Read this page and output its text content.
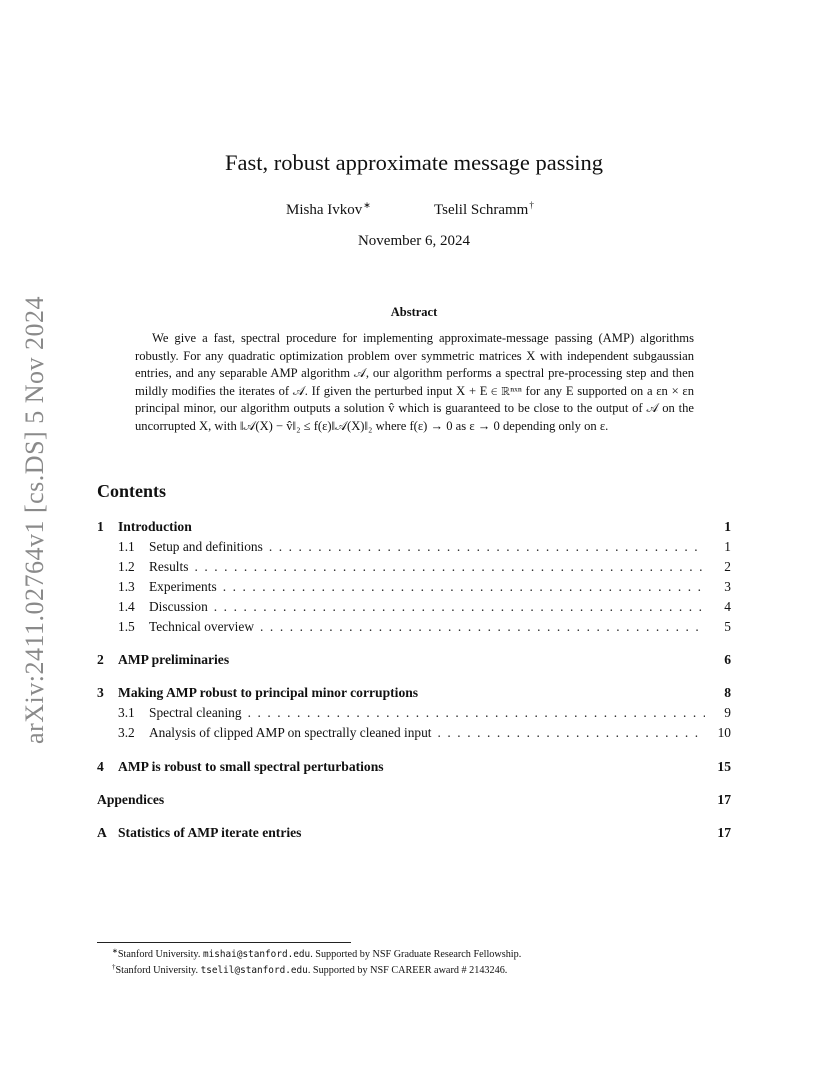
arXiv:2411.02764v1 [cs.DS] 5 Nov 2024
Fast, robust approximate message passing
Misha Ivkov∗	Tselil Schramm†
November 6, 2024
Abstract
We give a fast, spectral procedure for implementing approximate-message passing (AMP) algorithms robustly. For any quadratic optimization problem over symmetric matrices X with independent subgaussian entries, and any separable AMP algorithm 𝒜, our algorithm performs a spectral pre-processing step and then mildly modifies the iterates of 𝒜. If given the perturbed input X + E ∈ ℝⁿˣⁿ for any E supported on a εn × εn principal minor, our algorithm outputs a solution v̂ which is guaranteed to be close to the output of 𝒜 on the uncorrupted X, with ‖𝒜(X) − v̂‖₂ ≤ f(ε)‖𝒜(X)‖₂ where f(ε) → 0 as ε → 0 depending only on ε.
Contents
1	Introduction	1
1.1	Setup and definitions . . .	1
1.2	Results . . .	2
1.3	Experiments . . .	3
1.4	Discussion . . .	4
1.5	Technical overview . . .	5
2	AMP preliminaries	6
3	Making AMP robust to principal minor corruptions	8
3.1	Spectral cleaning . . .	9
3.2	Analysis of clipped AMP on spectrally cleaned input . . .	10
4	AMP is robust to small spectral perturbations	15
Appendices	17
A Statistics of AMP iterate entries	17
∗Stanford University. mishai@stanford.edu. Supported by NSF Graduate Research Fellowship.
†Stanford University. tselil@stanford.edu. Supported by NSF CAREER award # 2143246.
